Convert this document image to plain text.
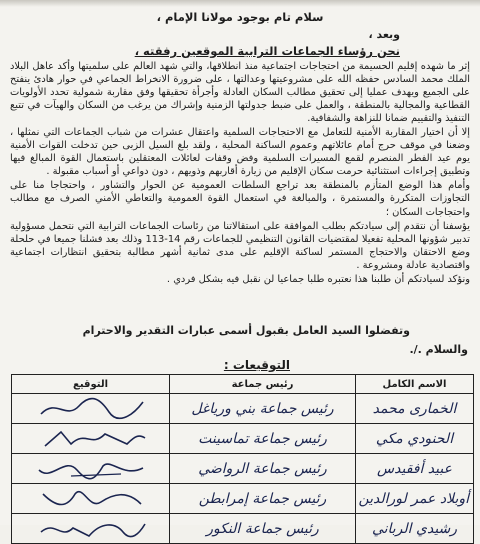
سلام تام بوجود مولانا الإمام ،
وبعد ،
نحن رؤساء الجماعات الترابية الموقعين رفقته ،

إثر ما شهده إقليم الحسيمة من احتجاجات اجتماعية منذ انطلاقها، والتي شهد العالم على سلميتها وأكد عاهل البلاد الملك محمد السادس حفظه الله على مشروعيتها وعدالتها ، على ضرورة الانخراط الجماعي في حوار هادئ ينفتح على الجميع ويهدف عمليا إلى تحقيق مطالب السكان العادلة وأجرأة تحقيقها وفق مقاربة شمولية تحدد الأولويات القطاعية والمجالية بالمنطقة ، والعمل على ضبط جدولتها الزمنية وإشراك من يرغب من السكان والهيآت في تتبع التنفيذ والتقييم ضمانا للنزاهة والشفافية.

إلا أن اختيار المقاربة الأمنية للتعامل مع الاحتجاجات السلمية واعتقال عشرات من شباب الجماعات التي نمثلها ، وضعنا في موقف حرج أمام عائلاتهم وعموم الساكنة المحلية ، ولقد بلغ السيل الزبى حين تدخلت القوات الأمنية يوم عيد الفطر المنصرم لقمع المسيرات السلمية وفض وقفات لعائلات المعتقلين باستعمال القوة المبالغ فيها وتطبيق إجراءات استثنائية حرمت سكان الإقليم من زيارة أقاربهم وذويهم ، دون دواعي أو أسباب مقبولة .

وأمام هذا الوضع المتأزم بالمنطقة بعد تراجع السلطات العمومية عن الحوار والتشاور ، واحتجاجا منا على التجاوزات المتكررة والمستمرة ، والمبالغة في استعمال القوة العمومية والتعاطي الأمني الصرف مع مطالب واحتجاجات السكان ؛

يؤسفنا أن نتقدم إلى سيادتكم بطلب الموافقة على استقالاتنا من رئاسات الجماعات الترابية التي نتحمل مسؤولية تدبير شؤونها المحلية تفعيلا لمقتضيات القانون التنظيمي للجماعات رقم 14-113 وذلك بعد فشلنا جميعا في حلحلة وضع الاحتقان والاحتجاج المستمر لساكنة الإقليم على مدى ثمانية أشهر مطالبة بتحقيق انتظارات اجتماعية واقتصادية عادلة ومشروعة .

ونؤكد لسيادتكم أن طلبنا هذا نعتبره طلبا جماعيا لن نقبل فيه بشكل فردي .

وتفضلوا السيد العامل بقبول أسمى عبارات التقدير والاحترام
والسلام ./.
التوقيعات :
الاسم الكامل	رئيس جماعة	التوقيع
الخمارى محمد	رئيس جماعة بني ورياغل	

الحنودي مكي	رئيس جماعة تماسينت	

عبيد أفقيدس	رئيس جماعة الرواضي	

أوبلاد عمر لورالدين	رئيس جماعة إمرابطن	

رشيدي الرباني	رئيس جماعة النكور	
